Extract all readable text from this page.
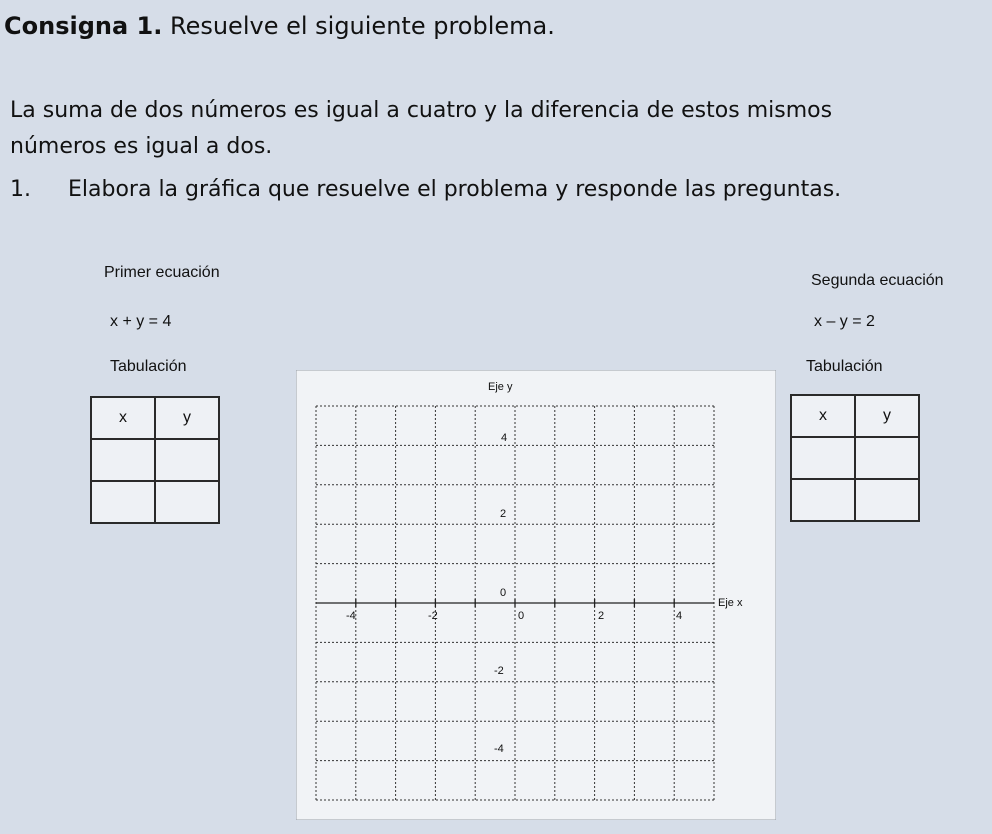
Consigna 1. Resuelve el siguiente problema.
La suma de dos números es igual a cuatro y la diferencia de estos mismos
números es igual a dos.
1. Elabora la gráfica que resuelve el problema y responde las preguntas.
Primer ecuación
x + y = 4
Tabulación
x	y

Segunda ecuación
x – y = 2
Tabulación
x	y

Eje y
Eje x
-4	-2	0	2	4
4
2
0
-2
-4
